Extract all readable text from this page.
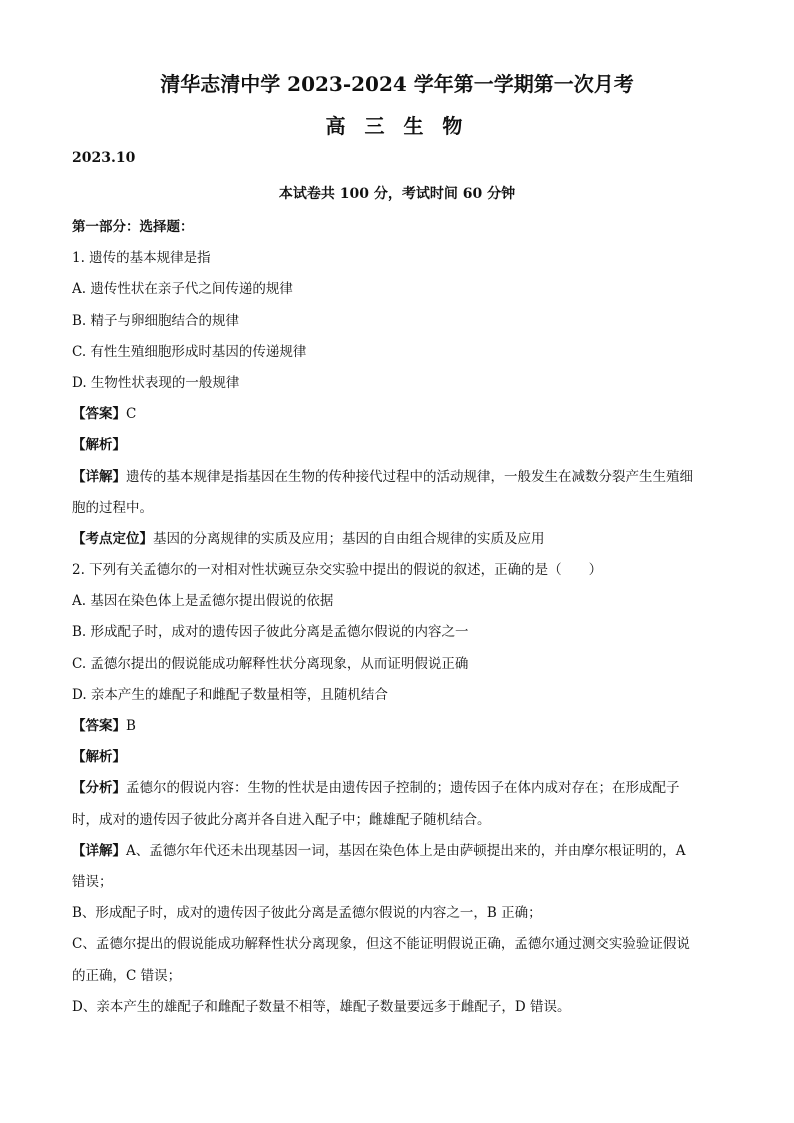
清华志清中学 2023-2024 学年第一学期第一次月考
高 三 生 物
2023.10
本试卷共 100 分，考试时间 60 分钟
第一部分：选择题：
1. 遗传的基本规律是指
A. 遗传性状在亲子代之间传递的规律
B. 精子与卵细胞结合的规律
C. 有性生殖细胞形成时基因的传递规律
D. 生物性状表现的一般规律
【答案】C
【解析】
【详解】遗传的基本规律是指基因在生物的传种接代过程中的活动规律，一般发生在减数分裂产生生殖细
胞的过程中。
【考点定位】基因的分离规律的实质及应用；基因的自由组合规律的实质及应用
2. 下列有关孟德尔的一对相对性状豌豆杂交实验中提出的假说的叙述，正确的是（　　）
A. 基因在染色体上是孟德尔提出假说的依据
B. 形成配子时，成对的遗传因子彼此分离是孟德尔假说的内容之一
C. 孟德尔提出的假说能成功解释性状分离现象，从而证明假说正确
D. 亲本产生的雄配子和雌配子数量相等，且随机结合
【答案】B
【解析】
【分析】孟德尔的假说内容：生物的性状是由遗传因子控制的；遗传因子在体内成对存在；在形成配子
时，成对的遗传因子彼此分离并各自进入配子中；雌雄配子随机结合。
【详解】A、孟德尔年代还未出现基因一词，基因在染色体上是由萨顿提出来的，并由摩尔根证明的，A
错误；
B、形成配子时，成对的遗传因子彼此分离是孟德尔假说的内容之一，B 正确；
C、孟德尔提出的假说能成功解释性状分离现象，但这不能证明假说正确，孟德尔通过测交实验验证假说
的正确，C 错误；
D、亲本产生的雄配子和雌配子数量不相等，雄配子数量要远多于雌配子，D 错误。
